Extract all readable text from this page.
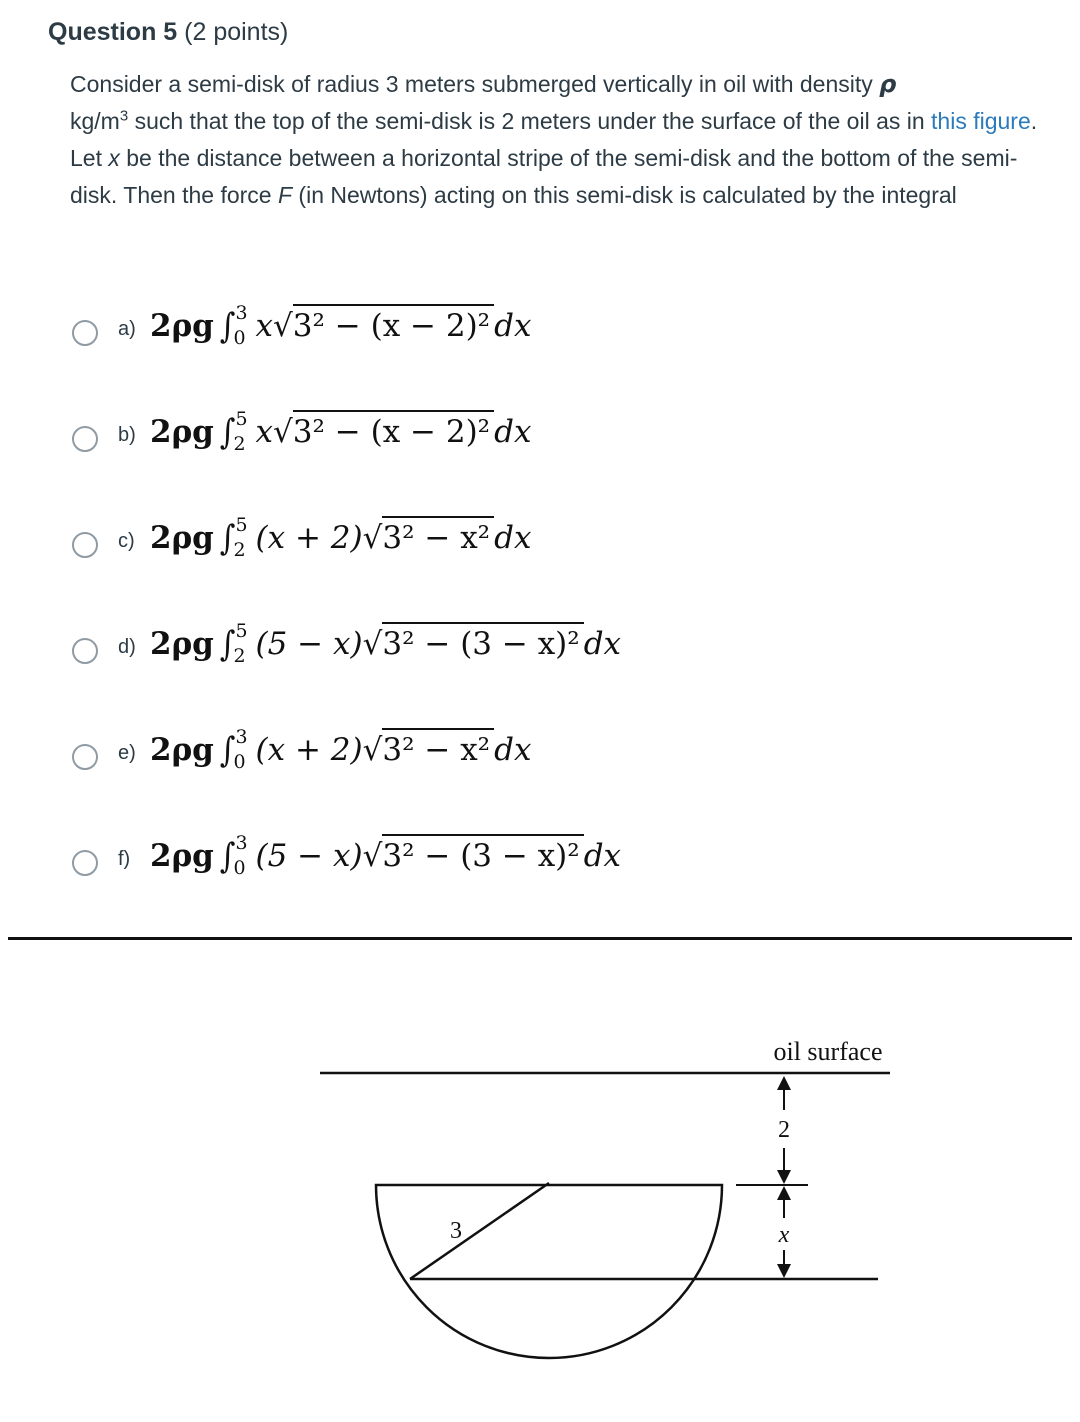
Question 5 (2 points)
Consider a semi-disk of radius 3 meters submerged vertically in oil with density ρ
$kg/m^3$ such that the top of the semi-disk is 2 meters under the surface of the oil as in this figure. Let x be the distance between a horizontal stripe of the semi-disk and the bottom of the semi-disk. Then the force F (in Newtons) acting on this semi-disk is calculated by the integral
a) 2ρg ∫ 3
0 x√3² − (x − 2)² dx
b) 2ρg ∫ 5
2 x√3² − (x − 2)² dx
c) 2ρg ∫ 5
2 (x + 2)√3² − x² dx
d) 2ρg ∫ 5
2 (5 − x)√3² − (3 − x)² dx
e) 2ρg ∫ 3
0 (x + 2)√3² − x² dx
f) 2ρg ∫ 3
0 (5 − x)√3² − (3 − x)² dx
oil surface
3
2
x
